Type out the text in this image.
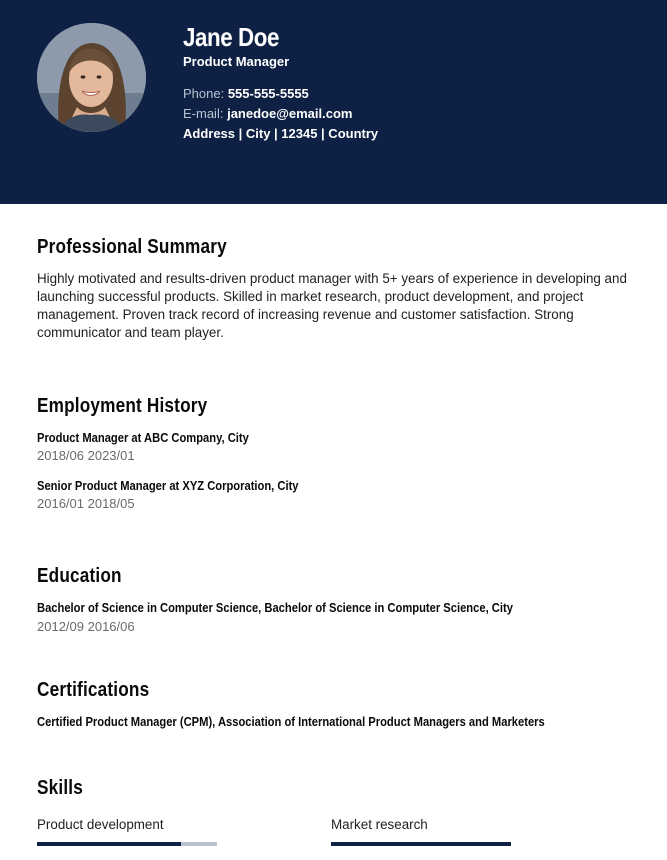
Jane Doe
Product Manager
Phone: 555-555-5555
E-mail: janedoe@email.com
Address | City | 12345 | Country
Professional Summary
Highly motivated and results-driven product manager with 5+ years of experience in developing and launching successful products. Skilled in market research, product development, and project management. Proven track record of increasing revenue and customer satisfaction. Strong communicator and team player.
Employment History
Product Manager at ABC Company, City
2018/06 2023/01
Senior Product Manager at XYZ Corporation, City
2016/01 2018/05
Education
Bachelor of Science in Computer Science, Bachelor of Science in Computer Science, City
2012/09 2016/06
Certifications
Certified Product Manager (CPM), Association of International Product Managers and Marketers
Skills
Product development	Market research
